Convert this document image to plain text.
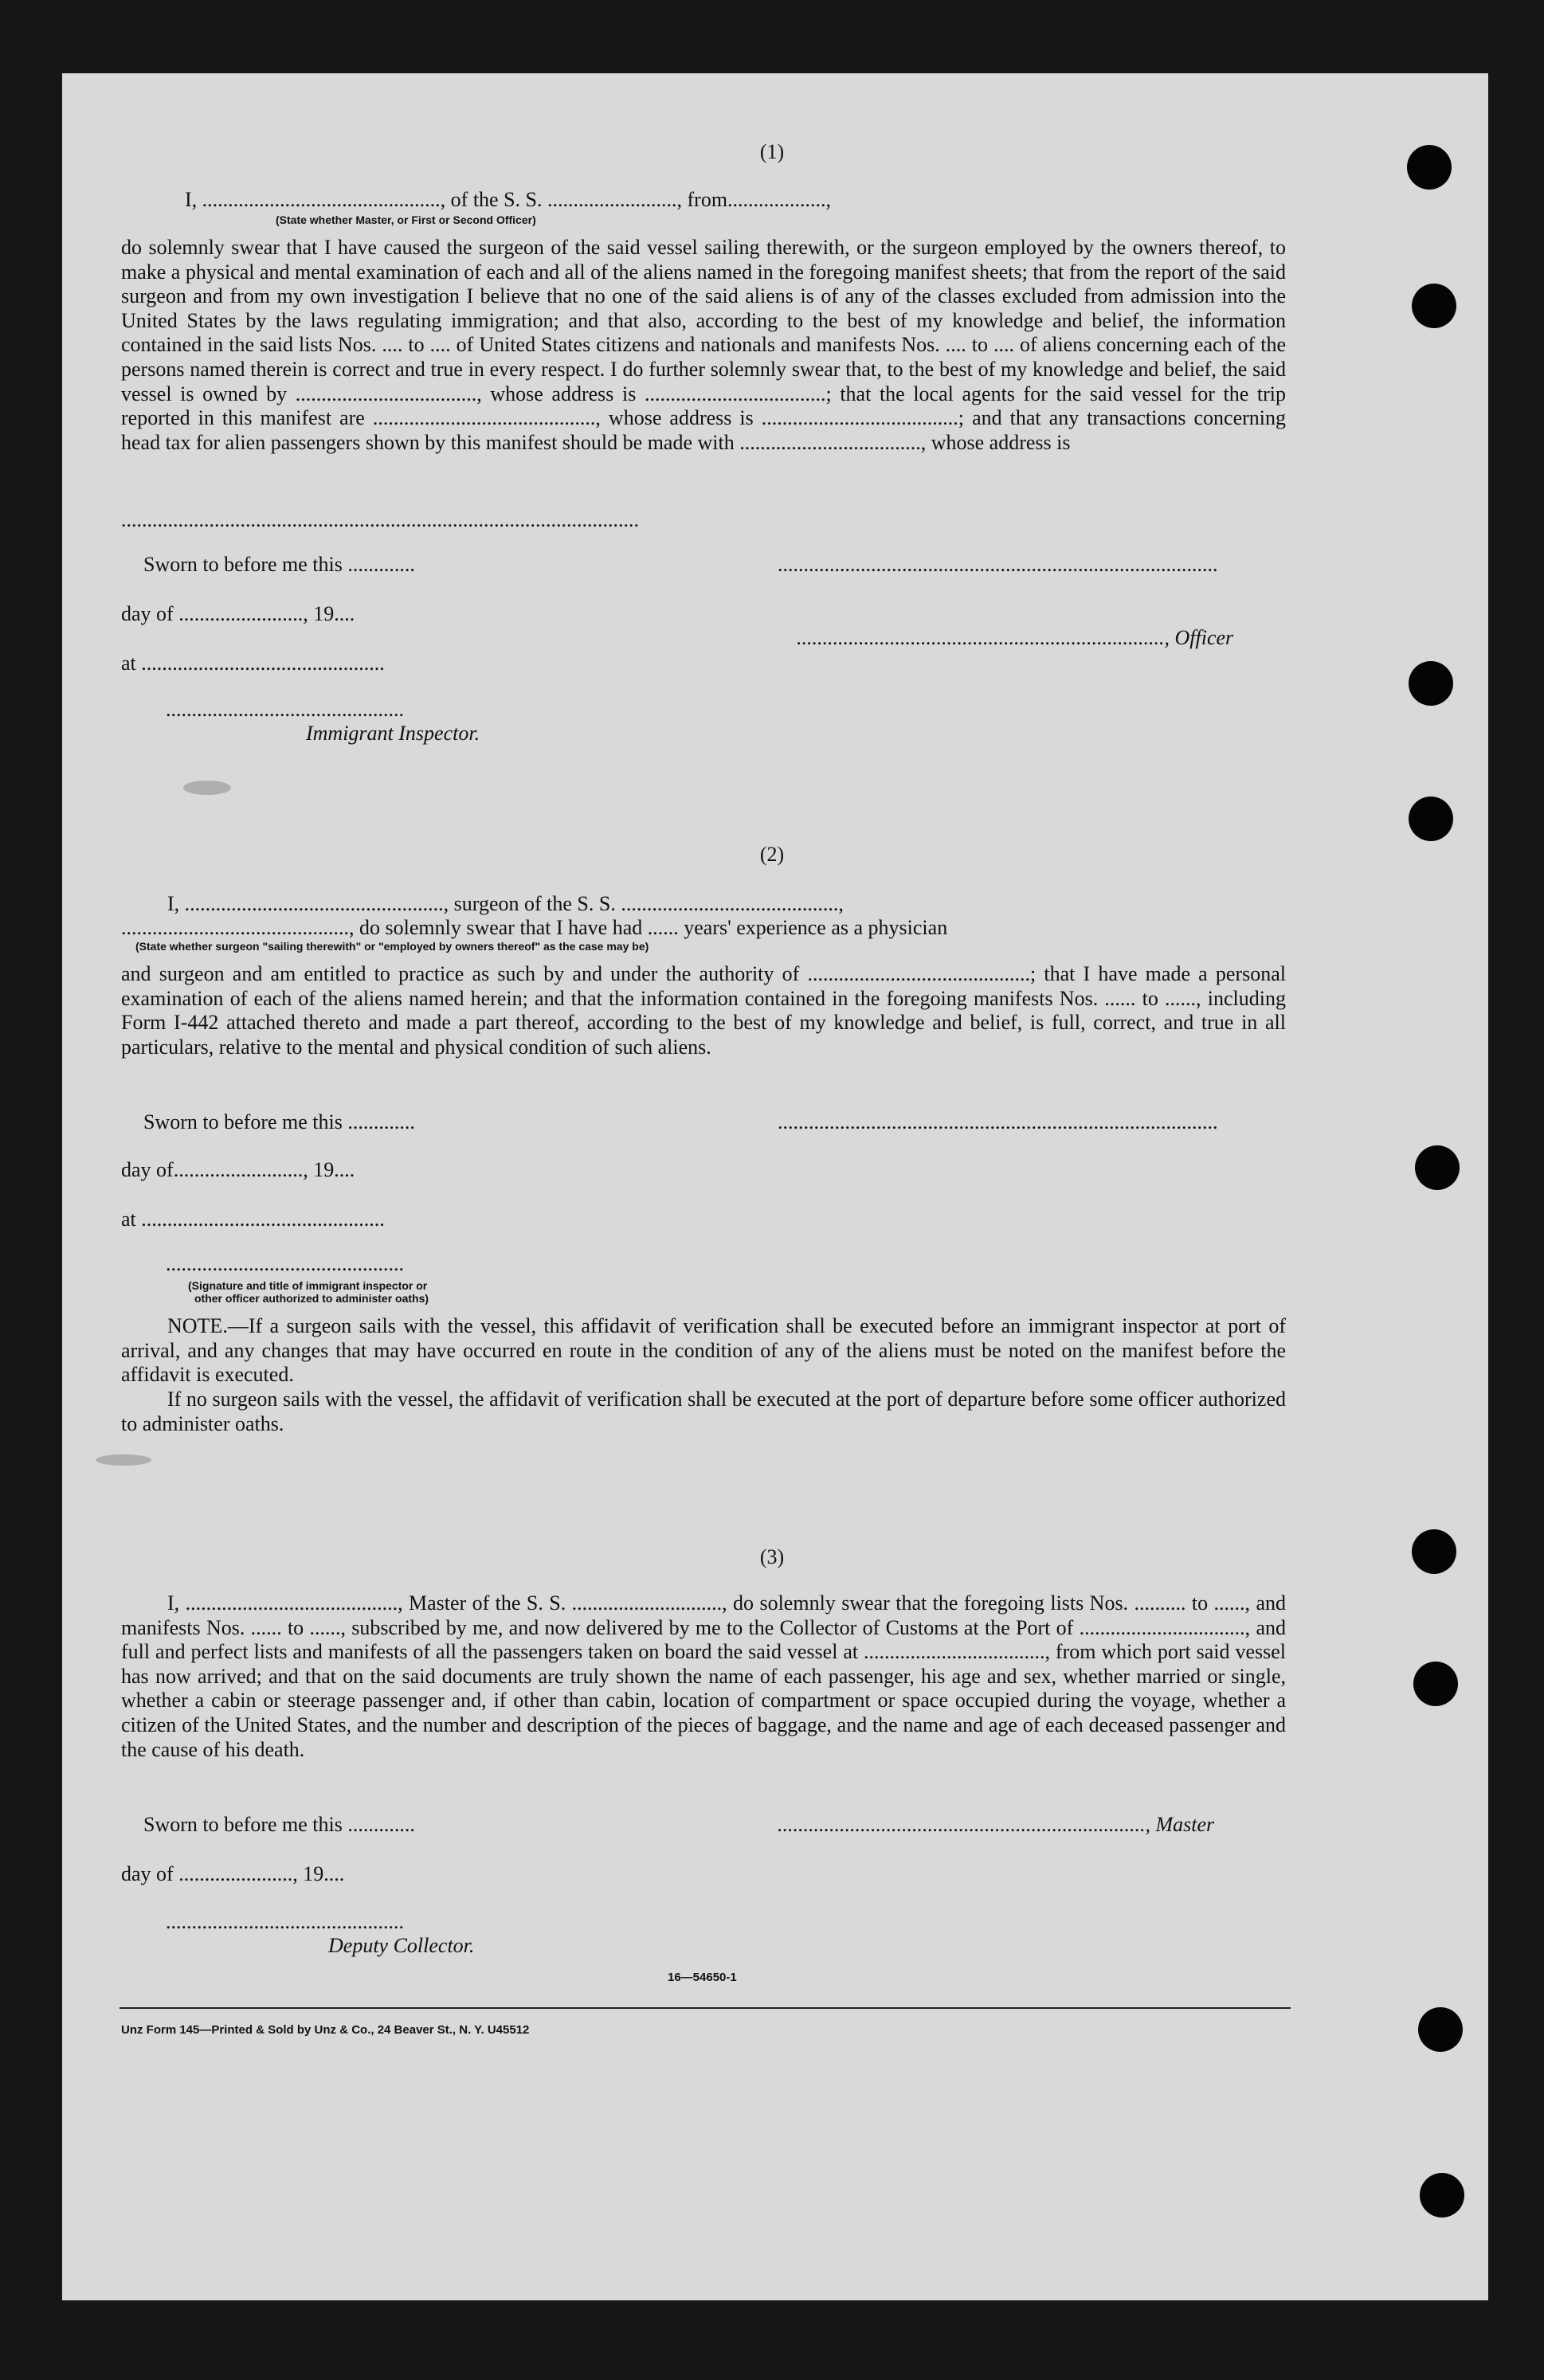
(1)
I, .............................................., of the S. S. ........................., from...................,
(State whether Master, or First or Second Officer)
do solemnly swear that I have caused the surgeon of the said vessel sailing therewith, or the surgeon employed by the owners thereof, to make a physical and mental examination of each and all of the aliens named in the foregoing manifest sheets; that from the report of the said surgeon and from my own investigation I believe that no one of the said aliens is of any of the classes excluded from admission into the United States by the laws regulating immigration; and that also, according to the best of my knowledge and belief, the information contained in the said lists Nos. .... to .... of United States citizens and nationals and manifests Nos. .... to .... of aliens concerning each of the persons named therein is correct and true in every respect. I do further solemnly swear that, to the best of my knowledge and belief, the said vessel is owned by ..................................., whose address is ...................................; that the local agents for the said vessel for the trip reported in this manifest are ..........................................., whose address is ......................................; and that any transactions concerning head tax for alien passengers shown by this manifest should be made with ..................................., whose address is
....................................................................................................
Sworn to before me this .............	.....................................................................................
day of ........................, 19....
......................................................................., Officer
at ...............................................
..............................................
Immigrant Inspector.
(2)
I, .................................................., surgeon of the S. S. ..........................................,
............................................, do solemnly swear that I have had ...... years' experience as a physician
(State whether surgeon "sailing therewith" or "employed by owners thereof" as the case may be)
and surgeon and am entitled to practice as such by and under the authority of ...........................................; that I have made a personal examination of each of the aliens named herein; and that the information contained in the foregoing manifests Nos. ...... to ......, including Form I-442 attached thereto and made a part thereof, according to the best of my knowledge and belief, is full, correct, and true in all particulars, relative to the mental and physical condition of such aliens.
Sworn to before me this .............	.....................................................................................
day of........................., 19....
at ...............................................
..............................................
(Signature and title of immigrant inspector or
other officer authorized to administer oaths)
NOTE.—If a surgeon sails with the vessel, this affidavit of verification shall be executed before an immigrant inspector at port of arrival, and any changes that may have occurred en route in the condition of any of the aliens must be noted on the manifest before the affidavit is executed.
If no surgeon sails with the vessel, the affidavit of verification shall be executed at the port of departure before some officer authorized to administer oaths.
(3)
I, ........................................., Master of the S. S. ............................., do solemnly swear that the foregoing lists Nos. .......... to ......, and manifests Nos. ...... to ......, subscribed by me, and now delivered by me to the Collector of Customs at the Port of ................................, and full and perfect lists and manifests of all the passengers taken on board the said vessel at ..................................., from which port said vessel has now arrived; and that on the said documents are truly shown the name of each passenger, his age and sex, whether married or single, whether a cabin or steerage passenger and, if other than cabin, location of compartment or space occupied during the voyage, whether a citizen of the United States, and the number and description of the pieces of baggage, and the name and age of each deceased passenger and the cause of his death.
Sworn to before me this .............	......................................................................., Master
day of ......................, 19....
..............................................
Deputy Collector.
16—54650-1
Unz Form 145—Printed & Sold by Unz & Co., 24 Beaver St., N. Y. U45512
